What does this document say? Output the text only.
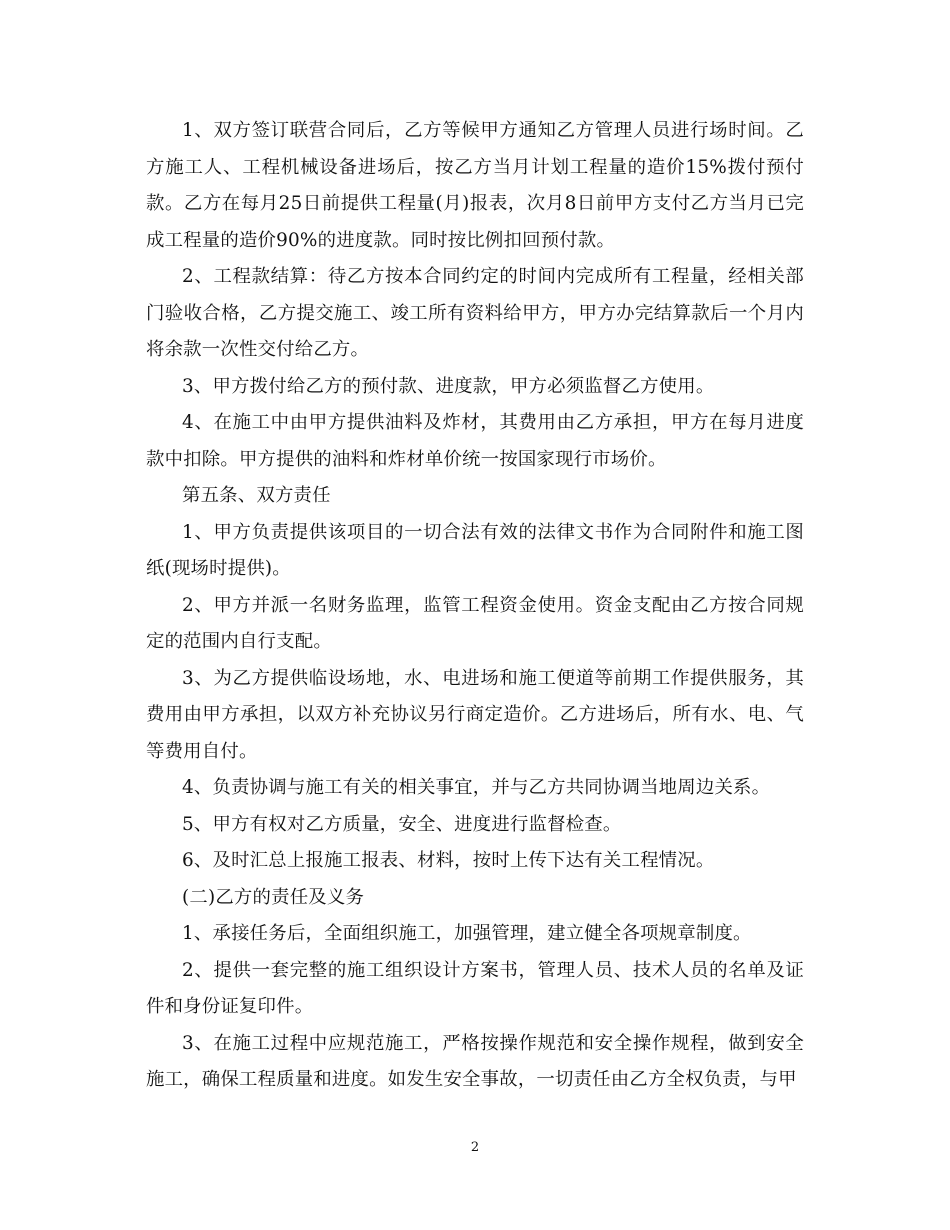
1、双方签订联营合同后，乙方等候甲方通知乙方管理人员进行场时间。乙方施工人、工程机械设备进场后，按乙方当月计划工程量的造价15%拨付预付款。乙方在每月25日前提供工程量(月)报表，次月8日前甲方支付乙方当月已完成工程量的造价90%的进度款。同时按比例扣回预付款。

2、工程款结算：待乙方按本合同约定的时间内完成所有工程量，经相关部门验收合格，乙方提交施工、竣工所有资料给甲方，甲方办完结算款后一个月内将余款一次性交付给乙方。

3、甲方拨付给乙方的预付款、进度款，甲方必须监督乙方使用。

4、在施工中由甲方提供油料及炸材，其费用由乙方承担，甲方在每月进度款中扣除。甲方提供的油料和炸材单价统一按国家现行市场价。

第五条、双方责任

1、甲方负责提供该项目的一切合法有效的法律文书作为合同附件和施工图纸(现场时提供)。

2、甲方并派一名财务监理，监管工程资金使用。资金支配由乙方按合同规定的范围内自行支配。

3、为乙方提供临设场地，水、电进场和施工便道等前期工作提供服务，其费用由甲方承担，以双方补充协议另行商定造价。乙方进场后，所有水、电、气等费用自付。

4、负责协调与施工有关的相关事宜，并与乙方共同协调当地周边关系。

5、甲方有权对乙方质量，安全、进度进行监督检查。

6、及时汇总上报施工报表、材料，按时上传下达有关工程情况。

(二)乙方的责任及义务

1、承接任务后，全面组织施工，加强管理，建立健全各项规章制度。

2、提供一套完整的施工组织设计方案书，管理人员、技术人员的名单及证件和身份证复印件。

3、在施工过程中应规范施工，严格按操作规范和安全操作规程，做到安全施工，确保工程质量和进度。如发生安全事故，一切责任由乙方全权负责，与甲

2
